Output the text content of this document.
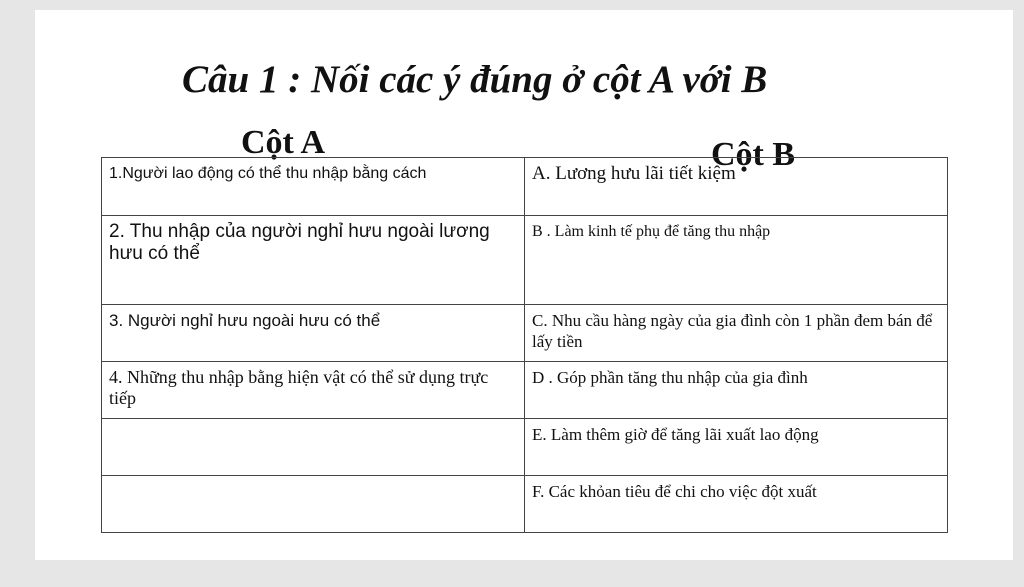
Câu 1 : Nối các ý đúng ở cột A với B
Cột A	Cột B
1.Người lao động có thể thu nhập bằng cách	A. Lương hưu lãi tiết kiệm
2. Thu nhập của người nghỉ hưu ngoài lương hưu có thể	B . Làm kinh tế phụ để tăng thu nhập
3. Người nghỉ hưu ngoài hưu có thể	C. Nhu cầu hàng ngày của gia đình còn 1 phần đem bán để lấy tiền
4. Những thu nhập bằng hiện vật có thể sử dụng trực tiếp	D . Góp phần tăng thu nhập của gia đình
	E. Làm thêm giờ để tăng lãi xuất lao động
	F. Các khỏan tiêu để chi cho việc đột xuất
